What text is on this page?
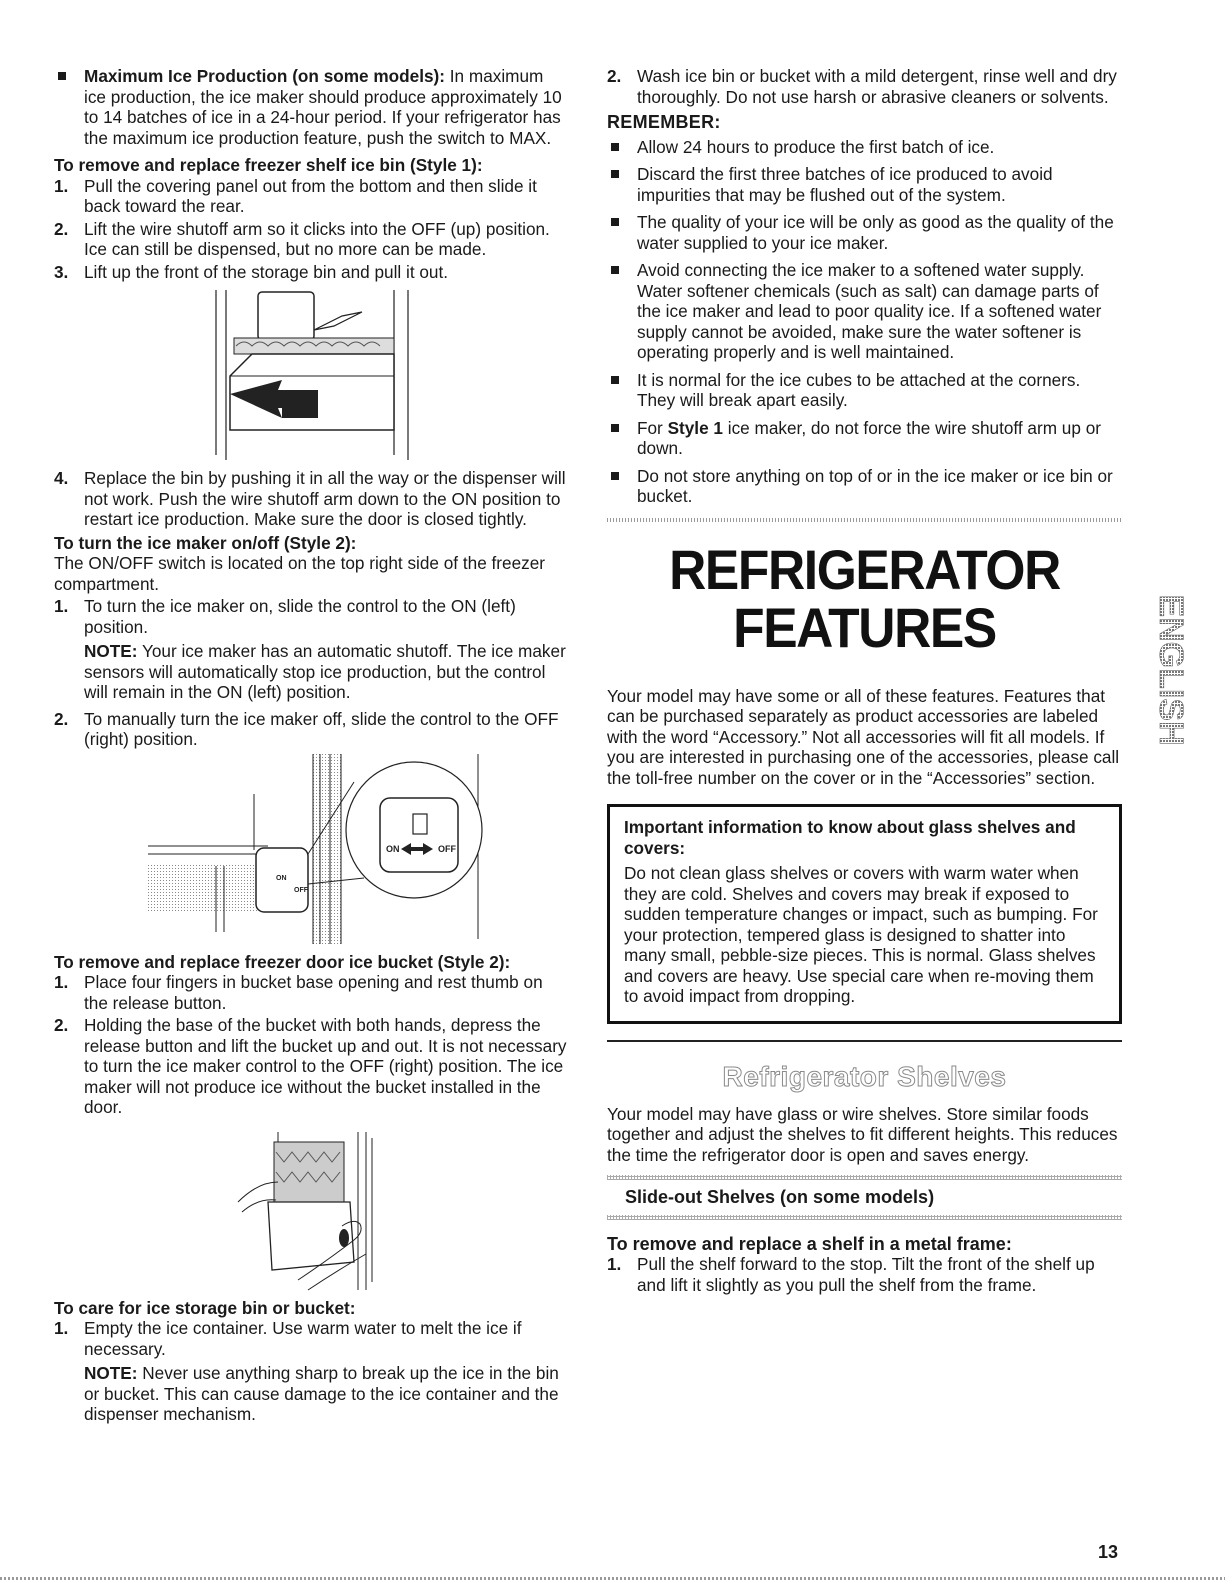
Maximum Ice Production (on some models): In maximum ice production, the ice maker should produce approximately 10 to 14 batches of ice in a 24-hour period. If your refrigerator has the maximum ice production feature, push the switch to MAX.

To remove and replace freezer shelf ice bin (Style 1):

1. Pull the covering panel out from the bottom and then slide it back toward the rear.
2. Lift the wire shutoff arm so it clicks into the OFF (up) position. Ice can still be dispensed, but no more can be made.
3. Lift up the front of the storage bin and pull it out.
4. Replace the bin by pushing it in all the way or the dispenser will not work. Push the wire shutoff arm down to the ON position to restart ice production. Make sure the door is closed tightly.

To turn the ice maker on/off (Style 2):

The ON/OFF switch is located on the top right side of the freezer compartment.

1. To turn the ice maker on, slide the control to the ON (left) position.

NOTE: Your ice maker has an automatic shutoff. The ice maker sensors will automatically stop ice production, but the control will remain in the ON (left) position.

2. To manually turn the ice maker off, slide the control to the OFF (right) position.
ON	OFF
ON
OFF

To remove and replace freezer door ice bucket (Style 2):

1. Place four fingers in bucket base opening and rest thumb on the release button.
2. Holding the base of the bucket with both hands, depress the release button and lift the bucket up and out. It is not necessary to turn the ice maker control to the OFF (right) position. The ice maker will not produce ice without the bucket installed in the door.

To care for ice storage bin or bucket:

1. Empty the ice container. Use warm water to melt the ice if necessary.

NOTE: Never use anything sharp to break up the ice in the bin or bucket. This can cause damage to the ice container and the dispenser mechanism.

2. Wash ice bin or bucket with a mild detergent, rinse well and dry thoroughly. Do not use harsh or abrasive cleaners or solvents.

REMEMBER:

Allow 24 hours to produce the first batch of ice.
Discard the first three batches of ice produced to avoid impurities that may be flushed out of the system.
The quality of your ice will be only as good as the quality of the water supplied to your ice maker.
Avoid connecting the ice maker to a softened water supply. Water softener chemicals (such as salt) can damage parts of the ice maker and lead to poor quality ice. If a softened water supply cannot be avoided, make sure the water softener is operating properly and is well maintained.
It is normal for the ice cubes to be attached at the corners. They will break apart easily.
For Style 1 ice maker, do not force the wire shutoff arm up or down.
Do not store anything on top of or in the ice maker or ice bin or bucket.
REFRIGERATOR
FEATURES

Your model may have some or all of these features. Features that can be purchased separately as product accessories are labeled with the word “Accessory.” Not all accessories will fit all models. If you are interested in purchasing one of the accessories, please call the toll-free number on the cover or in the “Accessories” section.

Important information to know about glass shelves and covers:

Do not clean glass shelves or covers with warm water when they are cold. Shelves and covers may break if exposed to sudden temperature changes or impact, such as bumping. For your protection, tempered glass is designed to shatter into many small, pebble-size pieces. This is normal. Glass shelves and covers are heavy. Use special care when re-moving them to avoid impact from dropping.

Refrigerator Shelves

Your model may have glass or wire shelves. Store similar foods together and adjust the shelves to fit different heights. This reduces the time the refrigerator door is open and saves energy.

Slide-out Shelves (on some models)

To remove and replace a shelf in a metal frame:

1. Pull the shelf forward to the stop. Tilt the front of the shelf up and lift it slightly as you pull the shelf from the frame.
ENGLISH
13
